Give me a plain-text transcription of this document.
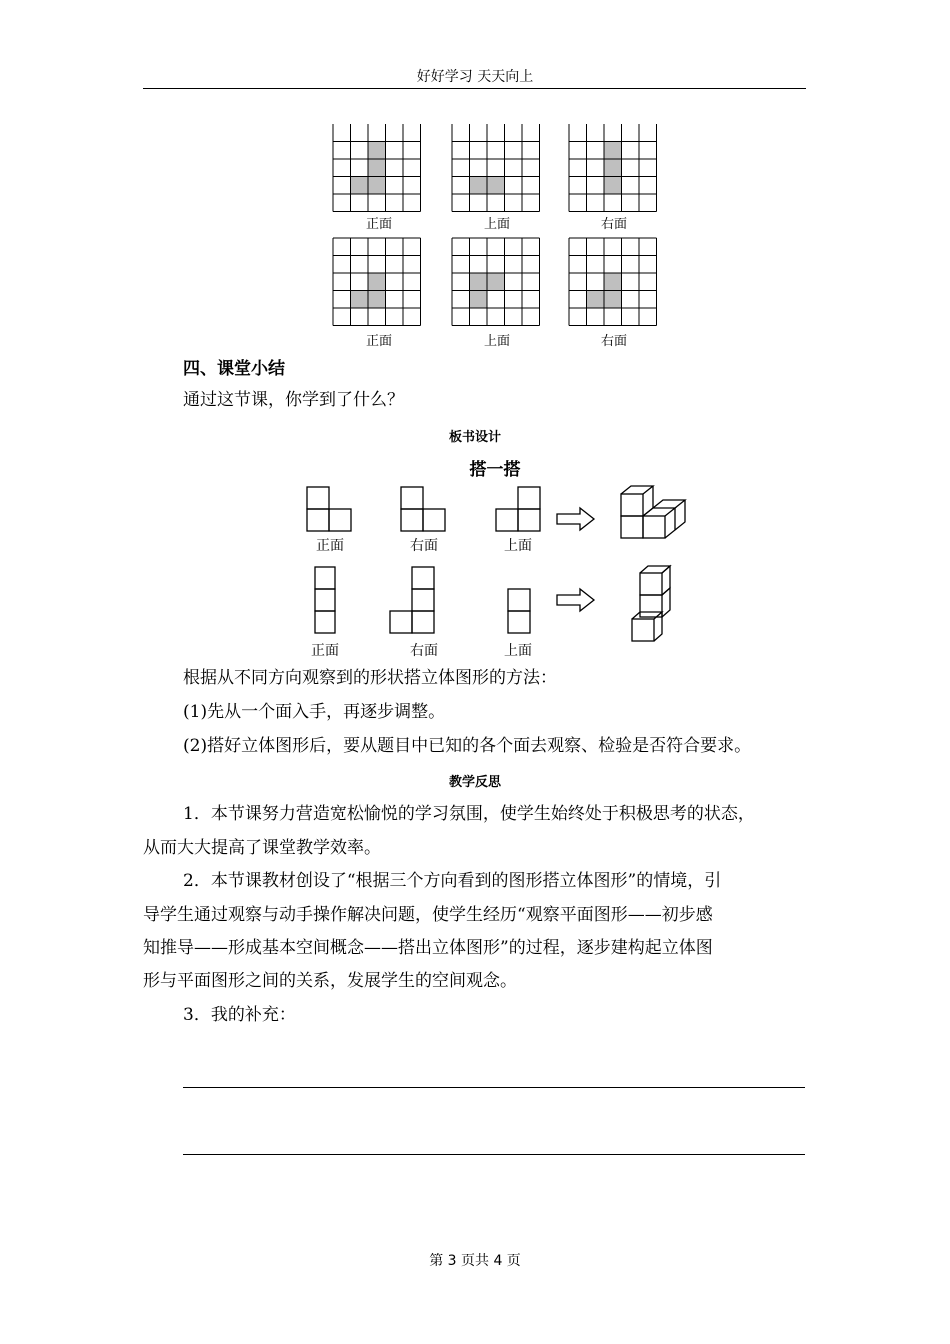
好好学习 天天向上
正面	上面	右面
正面	上面	右面
四、课堂小结
通过这节课，你学到了什么？
板书设计
搭一搭
正面	右面	上面
正面	右面	上面
根据从不同方向观察到的形状搭立体图形的方法：
(1)先从一个面入手，再逐步调整。
(2)搭好立体图形后，要从题目中已知的各个面去观察、检验是否符合要求。
教学反思
1．本节课努力营造宽松愉悦的学习氛围，使学生始终处于积极思考的状态，
从而大大提高了课堂教学效率。
2．本节课教材创设了“根据三个方向看到的图形搭立体图形”的情境，引
导学生通过观察与动手操作解决问题，使学生经历“观察平面图形——初步感
知推导——形成基本空间概念——搭出立体图形”的过程，逐步建构起立体图
形与平面图形之间的关系，发展学生的空间观念。
3．我的补充：
第 3 页共 4 页
